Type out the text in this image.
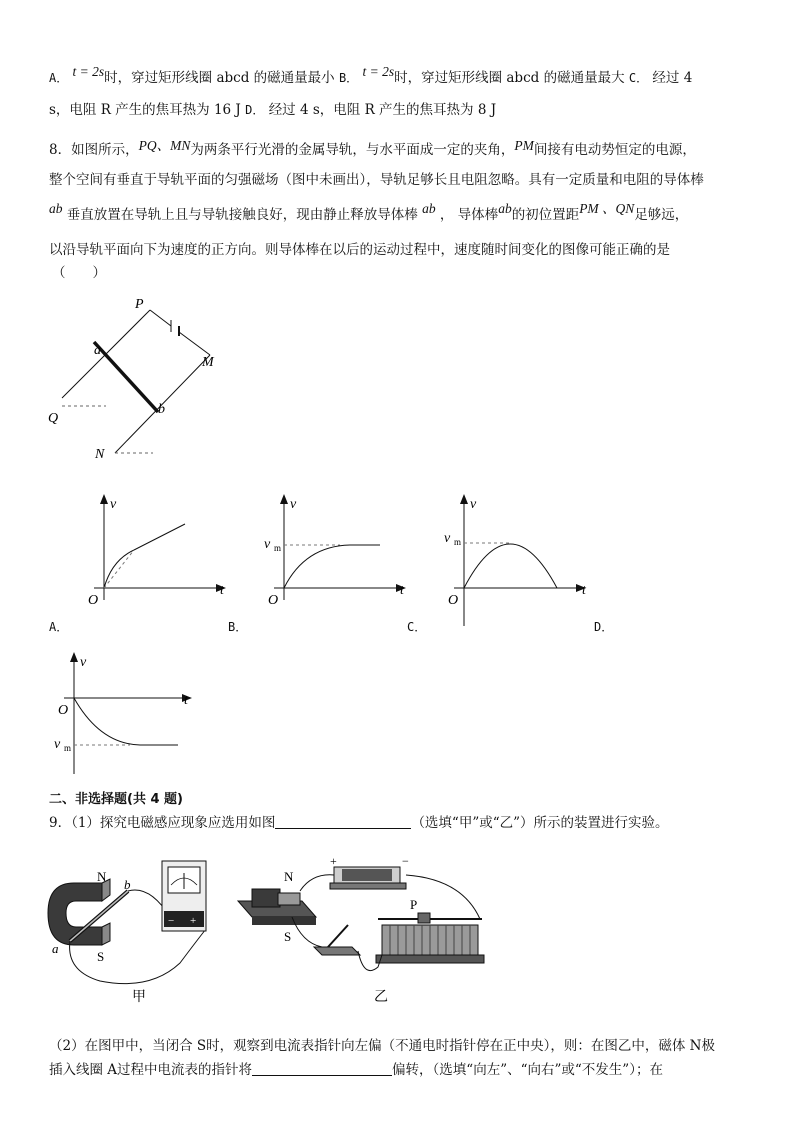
A． t = 2s时，穿过矩形线圈 abcd 的磁通量最小 B． t = 2s时，穿过矩形线圈 abcd 的磁通量最大 C． 经过 4
s，电阻 R 产生的焦耳热为 16 J D． 经过 4 s，电阻 R 产生的焦耳热为 8 J
8．如图所示，PQ、MN为两条平行光滑的金属导轨，与水平面成一定的夹角，PM间接有电动势恒定的电源，
整个空间有垂直于导轨平面的匀强磁场（图中未画出），导轨足够长且电阻忽略。具有一定质量和电阻的导体棒
ab 垂直放置在导轨上且与导轨接触良好，现由静止释放导体棒 ab ， 导体棒ab的初位置距PM 、QN足够远，
以沿导轨平面向下为速度的正方向。则导体棒在以后的运动过程中，速度随时间变化的图像可能正确的是
（　　）
P
M
Q
N
a
b
v
t
O
v
t
O
v m
v
t
O
v m
A．	B．	C．	D．
v
t
O
v m
二、非选择题(共 4 题)
9．（1）探究电磁感应现象应选用如图	（选填“甲”或“乙”）所示的装置进行实验。
− +
N
S
a
b
甲
+	−
P
N
S
乙
（2）在图甲中，当闭合 S时，观察到电流表指针向左偏（不通电时指针停在正中央），则：在图乙中，磁体 N极
插入线圈 A过程中电流表的指针将	偏转，（选填“向左”、“向右”或“不发生”）；在
